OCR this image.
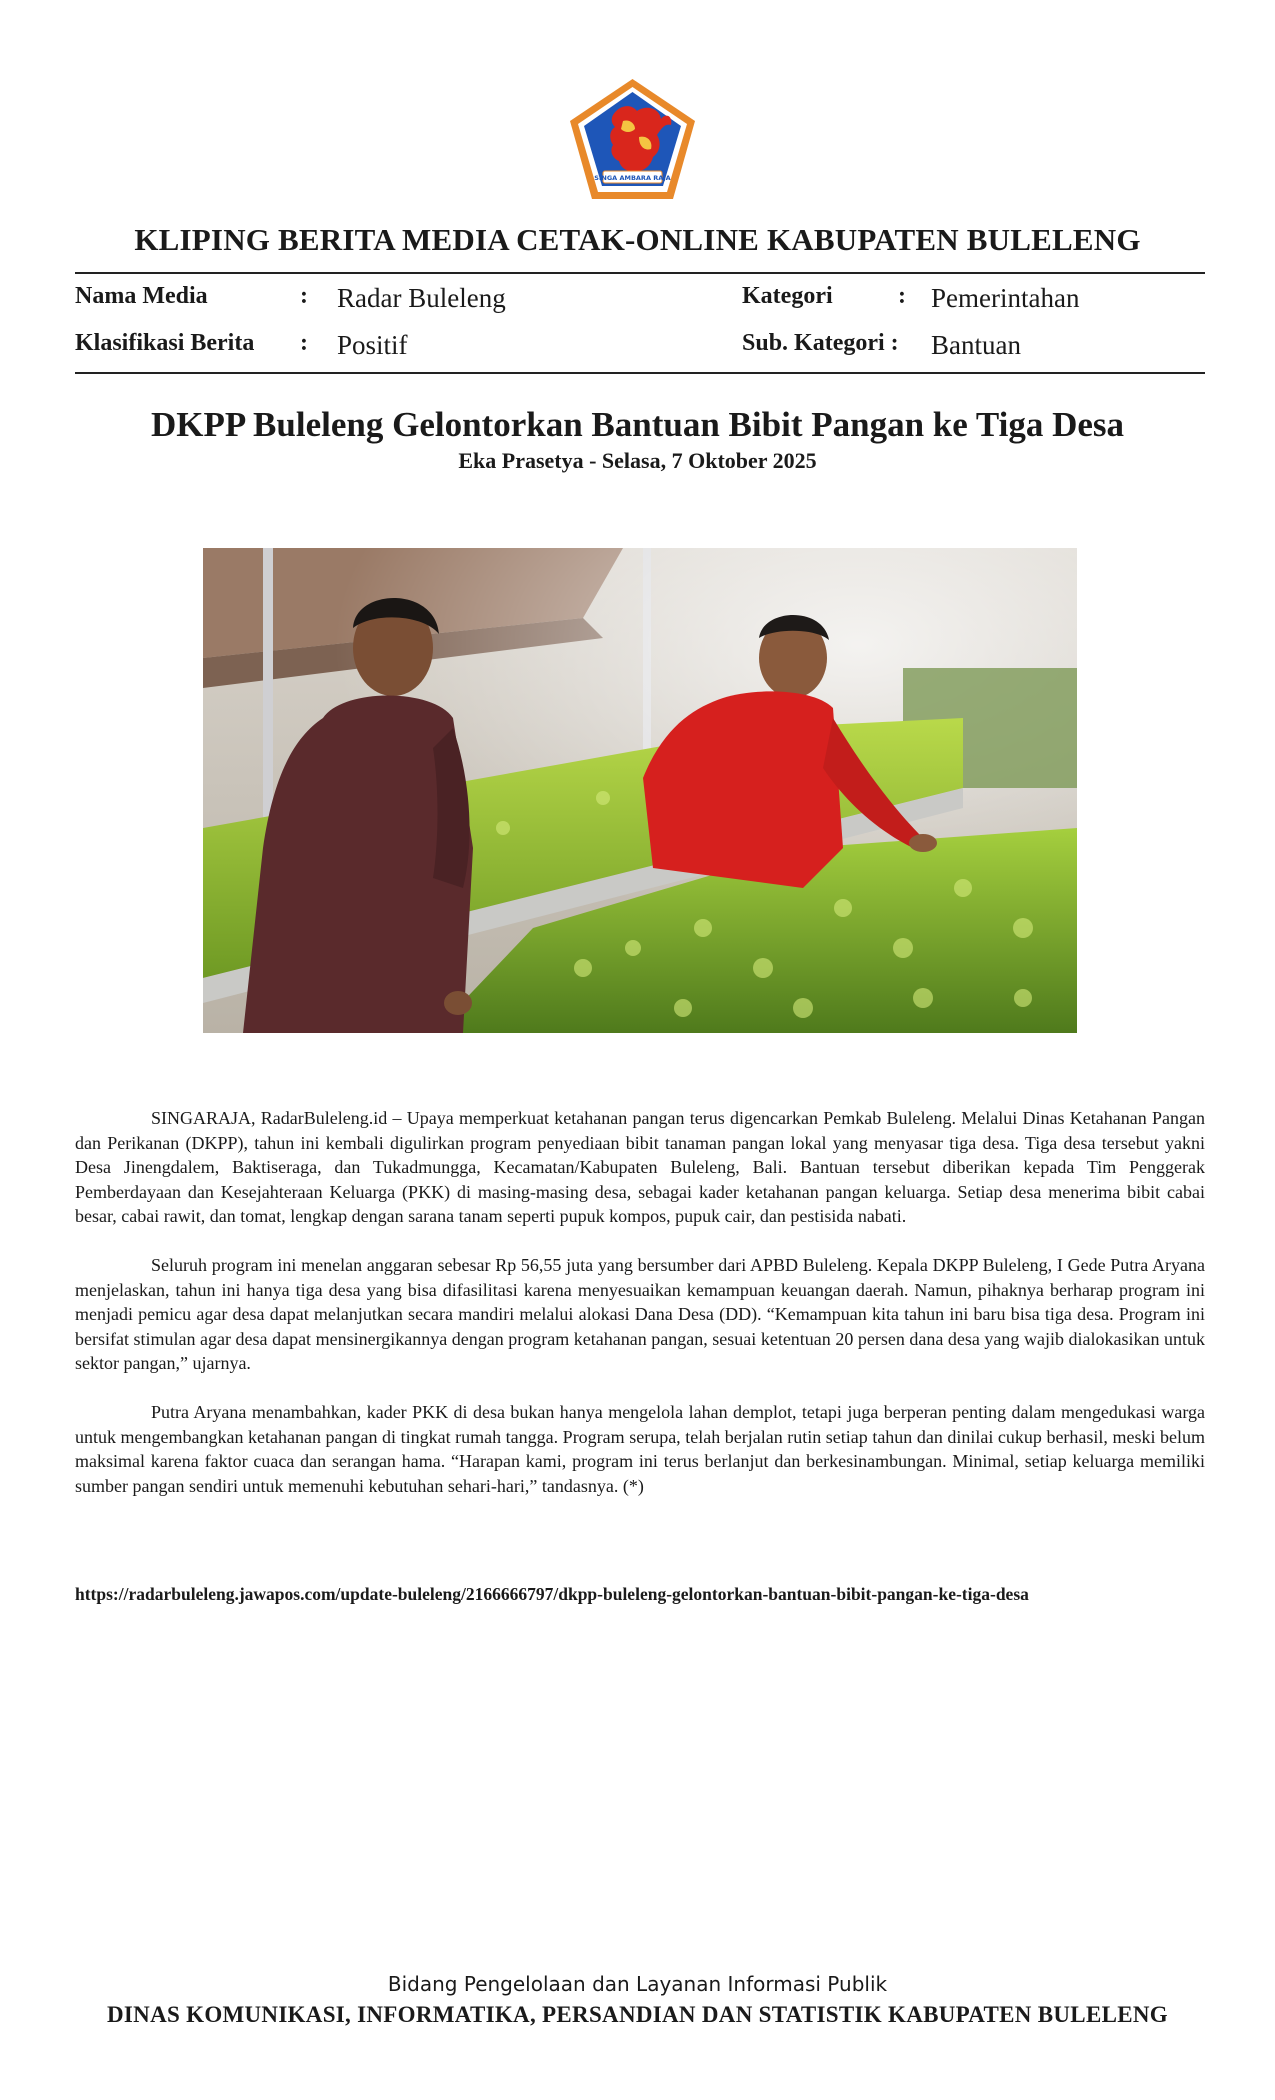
SINGA AMBARA RAJA
KLIPING BERITA MEDIA CETAK-ONLINE KABUPATEN BULELENG
Nama Media	: Radar Buleleng
Klasifikasi Berita : Positif
Kategori	: Pemerintahan
Sub. Kategori : Bantuan
DKPP Buleleng Gelontorkan Bantuan Bibit Pangan ke Tiga Desa
Eka Prasetya - Selasa, 7 Oktober 2025

SINGARAJA, RadarBuleleng.id – Upaya memperkuat ketahanan pangan terus digencarkan Pemkab Buleleng. Melalui Dinas Ketahanan Pangan dan Perikanan (DKPP), tahun ini kembali digulirkan program penyediaan bibit tanaman pangan lokal yang menyasar tiga desa. Tiga desa tersebut yakni Desa Jinengdalem, Baktiseraga, dan Tukadmungga, Kecamatan/Kabupaten Buleleng, Bali. Bantuan tersebut diberikan kepada Tim Penggerak Pemberdayaan dan Kesejahteraan Keluarga (PKK) di masing-masing desa, sebagai kader ketahanan pangan keluarga. Setiap desa menerima bibit cabai besar, cabai rawit, dan tomat, lengkap dengan sarana tanam seperti pupuk kompos, pupuk cair, dan pestisida nabati.

Seluruh program ini menelan anggaran sebesar Rp 56,55 juta yang bersumber dari APBD Buleleng. Kepala DKPP Buleleng, I Gede Putra Aryana menjelaskan, tahun ini hanya tiga desa yang bisa difasilitasi karena menyesuaikan kemampuan keuangan daerah. Namun, pihaknya berharap program ini menjadi pemicu agar desa dapat melanjutkan secara mandiri melalui alokasi Dana Desa (DD). “Kemampuan kita tahun ini baru bisa tiga desa. Program ini bersifat stimulan agar desa dapat mensinergikannya dengan program ketahanan pangan, sesuai ketentuan 20 persen dana desa yang wajib dialokasikan untuk sektor pangan,” ujarnya.

Putra Aryana menambahkan, kader PKK di desa bukan hanya mengelola lahan demplot, tetapi juga berperan penting dalam mengedukasi warga untuk mengembangkan ketahanan pangan di tingkat rumah tangga. Program serupa, telah berjalan rutin setiap tahun dan dinilai cukup berhasil, meski belum maksimal karena faktor cuaca dan serangan hama. “Harapan kami, program ini terus berlanjut dan berkesinambungan. Minimal, setiap keluarga memiliki sumber pangan sendiri untuk memenuhi kebutuhan sehari-hari,” tandasnya. (*)

https://radarbuleleng.jawapos.com/update-buleleng/2166666797/dkpp-buleleng-gelontorkan-bantuan-bibit-pangan-ke-tiga-desa
Bidang Pengelolaan dan Layanan Informasi Publik
DINAS KOMUNIKASI, INFORMATIKA, PERSANDIAN DAN STATISTIK KABUPATEN BULELENG
